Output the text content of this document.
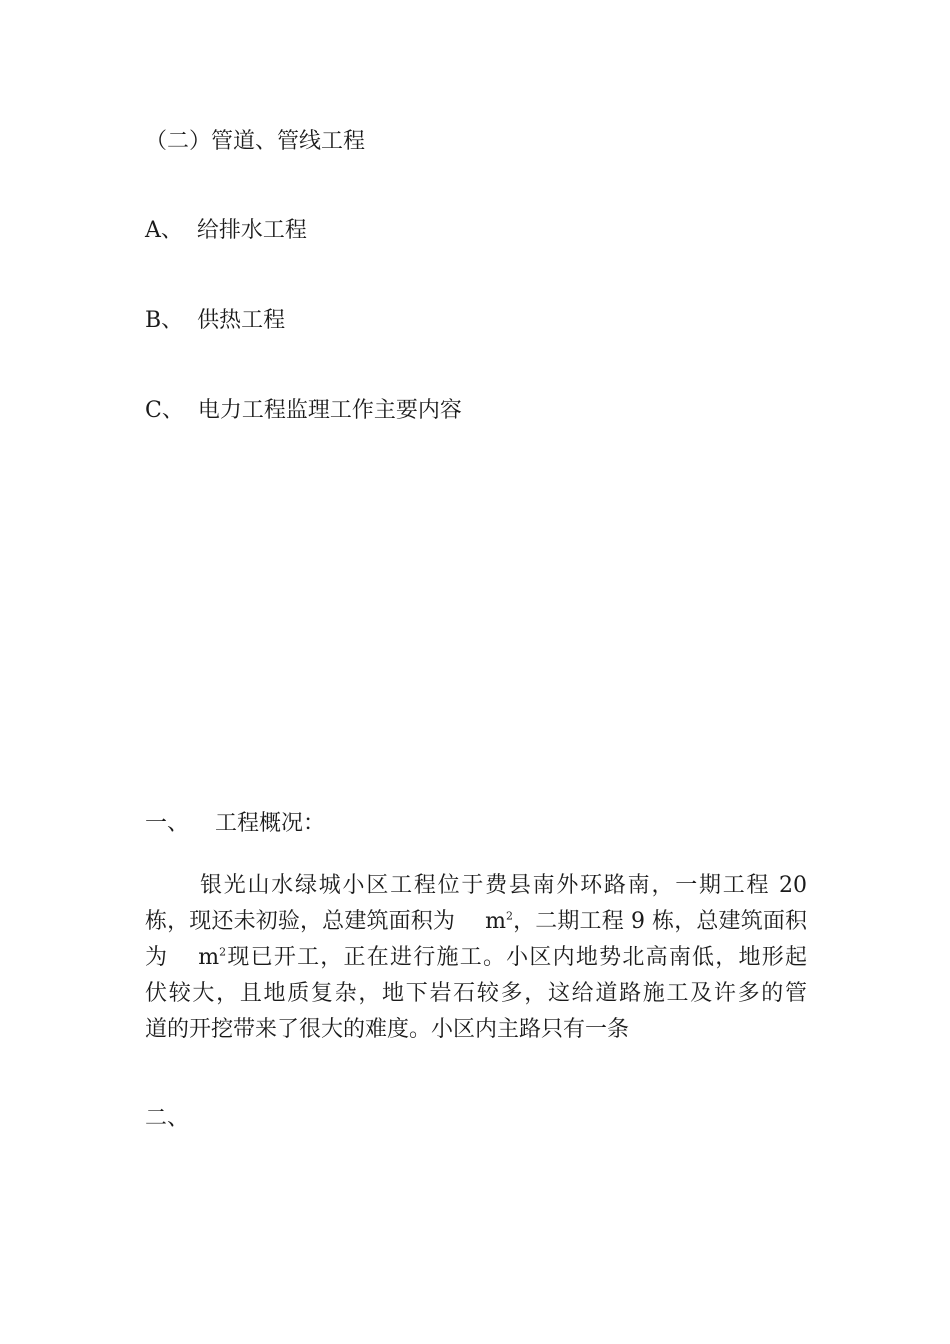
（二）管道、管线工程
A、 给排水工程
B、 供热工程
C、 电力工程监理工作主要内容
一、 工程概况：
银光山水绿城小区工程位于费县南外环路南，一期工程 20
栋，现还未初验，总建筑面积为 $m^2$，二期工程 9 栋，总建筑面积
为 $m^2$现已开工，正在进行施工。小区内地势北高南低，地形起
伏较大，且地质复杂，地下岩石较多，这给道路施工及许多的管
道的开挖带来了很大的难度。小区内主路只有一条
二、
